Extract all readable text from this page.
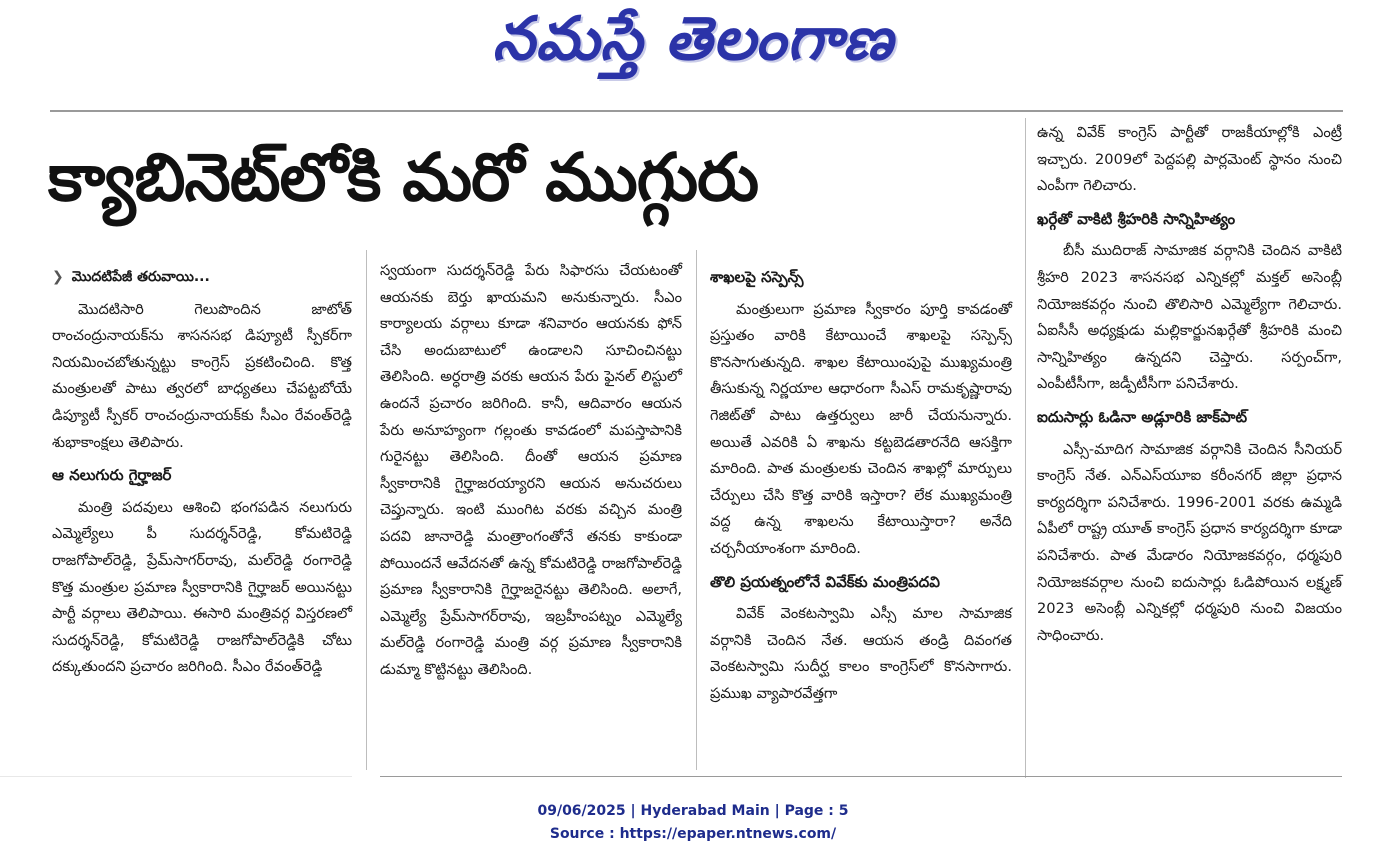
నమస్తే తెలంగాణ
క్యాబినెట్‌లోకి మరో ముగ్గురు

❯ మొదటిపేజీ తరువాయి...

మొదటిసారి గెలుపొందిన జాటోత్ రాంచంద్రునాయక్‌ను శాసనసభ డిప్యూటీ స్పీకర్‌గా నియమించబోతున్నట్టు కాంగ్రెస్ ప్రకటించింది. కొత్త మంత్రులతో పాటు త్వరలో బాధ్యతలు చేపట్టబోయే డిప్యూటీ స్పీకర్ రాంచంద్రునాయక్‌కు సీఎం రేవంత్‌రెడ్డి శుభాకాంక్షలు తెలిపారు.

ఆ నలుగురు గైర్హాజర్

మంత్రి పదవులు ఆశించి భంగపడిన నలుగురు ఎమ్మెల్యేలు పీ సుదర్శన్‌రెడ్డి, కోమటిరెడ్డి రాజగోపాల్‌రెడ్డి, ప్రేమ్‌సాగర్‌రావు, మల్‌రెడ్డి రంగారెడ్డి కొత్త మంత్రుల ప్రమాణ స్వీకారానికి గైర్హాజర్ అయినట్టు పార్టీ వర్గాలు తెలిపాయి. ఈసారి మంత్రివర్గ విస్తరణలో సుదర్శన్‌రెడ్డి, కోమటిరెడ్డి రాజగోపాల్‌రెడ్డికి చోటు దక్కుతుందని ప్రచారం జరిగింది. సీఎం రేవంత్‌రెడ్డి

స్వయంగా సుదర్శన్‌రెడ్డి పేరు సిఫారసు చేయటంతో ఆయనకు బెర్తు ఖాయమని అనుకున్నారు. సీఎం కార్యాలయ వర్గాలు కూడా శనివారం ఆయనకు ఫోన్ చేసి అందుబాటులో ఉండాలని సూచించినట్టు తెలిసింది. అర్ధరాత్రి వరకు ఆయన పేరు ఫైనల్ లిస్టులో ఉందనే ప్రచారం జరిగింది. కానీ, ఆదివారం ఆయన పేరు అనూహ్యంగా గల్లంతు కావడంలో మపస్తాపానికి గురైనట్టు తెలిసింది. దీంతో ఆయన ప్రమాణ స్వీకారానికి గైర్హాజరయ్యారని ఆయన అనుచరులు చెప్తున్నారు. ఇంటి ముంగిట వరకు వచ్చిన మంత్రి పదవి జానారెడ్డి మంత్రాంగంతోనే తనకు కాకుండా పోయిందనే ఆవేదనతో ఉన్న కోమటిరెడ్డి రాజగోపాల్‌రెడ్డి ప్రమాణ స్వీకారానికి గైర్హాజరైనట్టు తెలిసింది. అలాగే, ఎమ్మెల్యే ప్రేమ్‌సాగర్‌రావు, ఇబ్రహీంపట్నం ఎమ్మెల్యే మల్‌రెడ్డి రంగారెడ్డి మంత్రి వర్గ ప్రమాణ స్వీకారానికి డుమ్మా కొట్టినట్టు తెలిసింది.

శాఖలపై సస్పెన్స్

మంత్రులుగా ప్రమాణ స్వీకారం పూర్తి కావడంతో ప్రస్తుతం వారికి కేటాయించే శాఖలపై సస్పెన్స్ కొనసాగుతున్నది. శాఖల కేటాయింపుపై ముఖ్యమంత్రి తీసుకున్న నిర్ణయాల ఆధారంగా సీఎస్ రామకృష్ణారావు గెజిట్‌తో పాటు ఉత్తర్వులు జారీ చేయనున్నారు. అయితే ఎవరికి ఏ శాఖను కట్టబెడతారనేది ఆసక్తిగా మారింది. పాత మంత్రులకు చెందిన శాఖల్లో మార్పులు చేర్పులు చేసి కొత్త వారికి ఇస్తారా? లేక ముఖ్యమంత్రి వద్ద ఉన్న శాఖలను కేటాయిస్తారా? అనేది చర్చనీయాంశంగా మారింది.

తొలి ప్రయత్నంలోనే వివేక్‌కు మంత్రిపదవి

వివేక్ వెంకటస్వామి ఎస్సీ మాల సామాజిక వర్గానికి చెందిన నేత. ఆయన తండ్రి దివంగత వెంకటస్వామి సుదీర్ఘ కాలం కాంగ్రెస్‌లో కొనసాగారు. ప్రముఖ వ్యాపారవేత్తగా

ఉన్న వివేక్ కాంగ్రెస్ పార్టీతో రాజకీయాల్లోకి ఎంట్రీ ఇచ్చారు. 2009లో పెద్దపల్లి పార్లమెంట్ స్థానం నుంచి ఎంపీగా గెలిచారు.

ఖర్గేతో వాకిటి శ్రీహరికి సాన్నిహిత్యం

బీసీ ముదిరాజ్ సామాజిక వర్గానికి చెందిన వాకిటి శ్రీహరి 2023 శాసనసభ ఎన్నికల్లో మక్తల్ అసెంబ్లీ నియోజకవర్గం నుంచి తొలిసారి ఎమ్మెల్యేగా గెలిచారు. ఏఐసీసీ అధ్యక్షుడు మల్లికార్జునఖర్గేతో శ్రీహరికి మంచి సాన్నిహిత్యం ఉన్నదని చెప్తారు. సర్పంచ్‌గా, ఎంపీటీసీగా, జడ్పీటీసీగా పనిచేశారు.

ఐదుసార్లు ఓడినా అడ్లూరికి జాక్‌పాట్

ఎస్సీ-మాదిగ సామాజిక వర్గానికి చెందిన సీనియర్ కాంగ్రెస్ నేత. ఎన్ఎస్‌యూఐ కరీంనగర్ జిల్లా ప్రధాన కార్యదర్శిగా పనిచేశారు. 1996-2001 వరకు ఉమ్మడి ఏపీలో రాష్ట్ర యూత్ కాంగ్రెస్ ప్రధాన కార్యదర్శిగా కూడా పనిచేశారు. పాత మేడారం నియోజకవర్గం, ధర్మపురి నియోజకవర్గాల నుంచి ఐదుసార్లు ఓడిపోయిన లక్ష్మణ్ 2023 అసెంబ్లీ ఎన్నికల్లో ధర్మపురి నుంచి విజయం సాధించారు.

09/06/2025 | Hyderabad Main | Page : 5
Source : https://epaper.ntnews.com/
